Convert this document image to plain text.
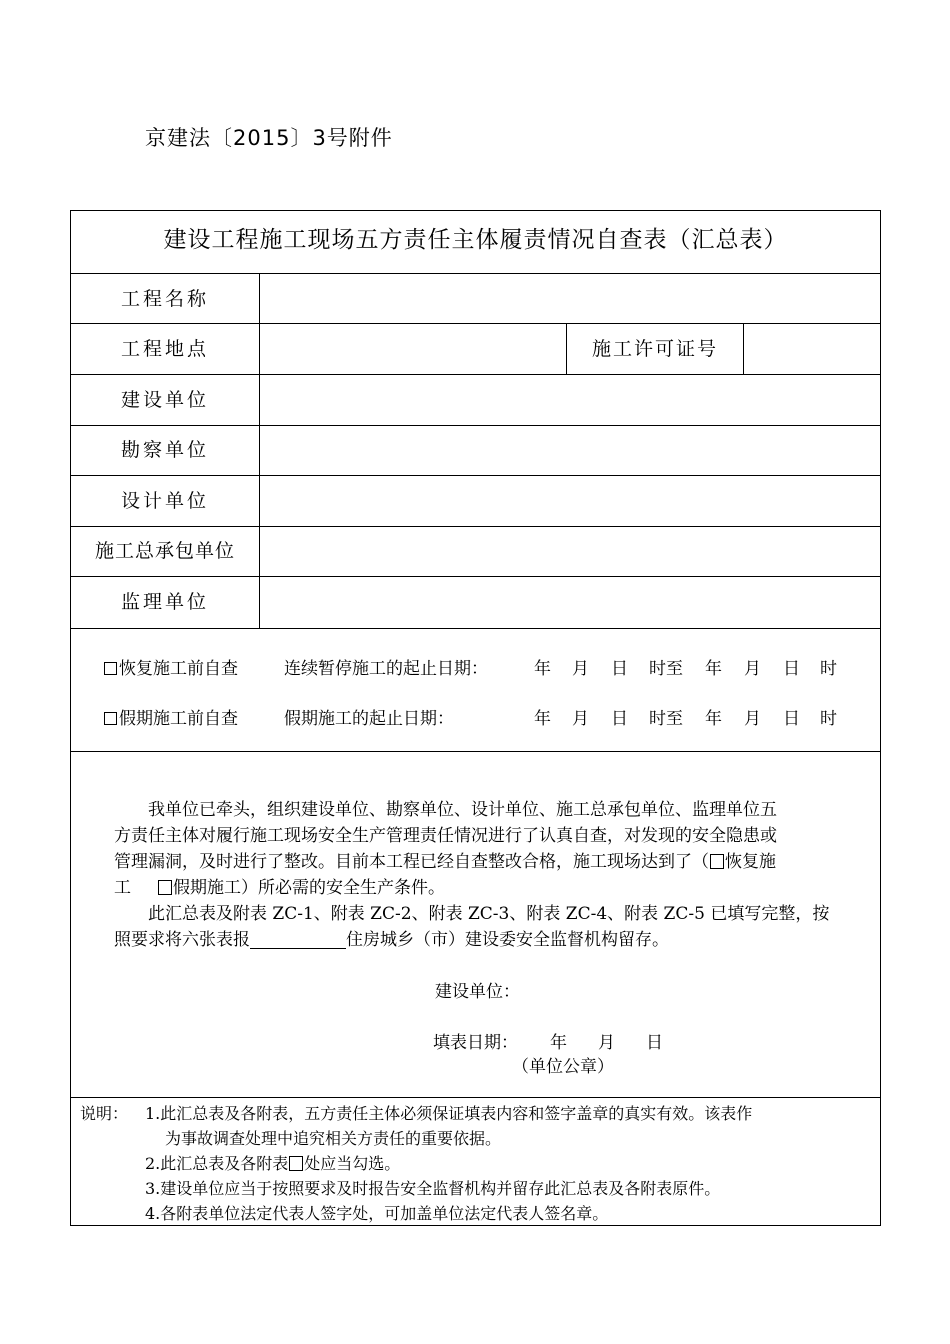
京建法〔2015〕3号附件
建设工程施工现场五方责任主体履责情况自查表（汇总表）
工程名称
工程地点	施工许可证号
建设单位
勘察单位
设计单位
施工总承包单位
监理单位
恢复施工前自查	连续暂停施工的起止日期：	年 月 日 时至 年 月 日 时
假期施工前自查	假期施工的起止日期：	年 月 日 时至 年 月 日 时
我单位已牵头，组织建设单位、勘察单位、设计单位、施工总承包单位、监理单位五
方责任主体对履行施工现场安全生产管理责任情况进行了认真自查，对发现的安全隐患或
管理漏洞，及时进行了整改。目前本工程已经自查整改合格，施工现场达到了（ 恢复施
工 假期施工）所必需的安全生产条件。
此汇总表及附表 ZC-1、附表 ZC-2、附表 ZC-3、附表 ZC-4、附表 ZC-5 已填写完整，按
照要求将六张表报	住房城乡（市）建设委安全监督机构留存。
建设单位：
填表日期： 年 月 日
（单位公章）
说明： 1.此汇总表及各附表，五方责任主体必须保证填表内容和签字盖章的真实有效。该表作
为事故调查处理中追究相关方责任的重要依据。
2.此汇总表及各附表 处应当勾选。
3.建设单位应当于按照要求及时报告安全监督机构并留存此汇总表及各附表原件。
4.各附表单位法定代表人签字处，可加盖单位法定代表人签名章。
